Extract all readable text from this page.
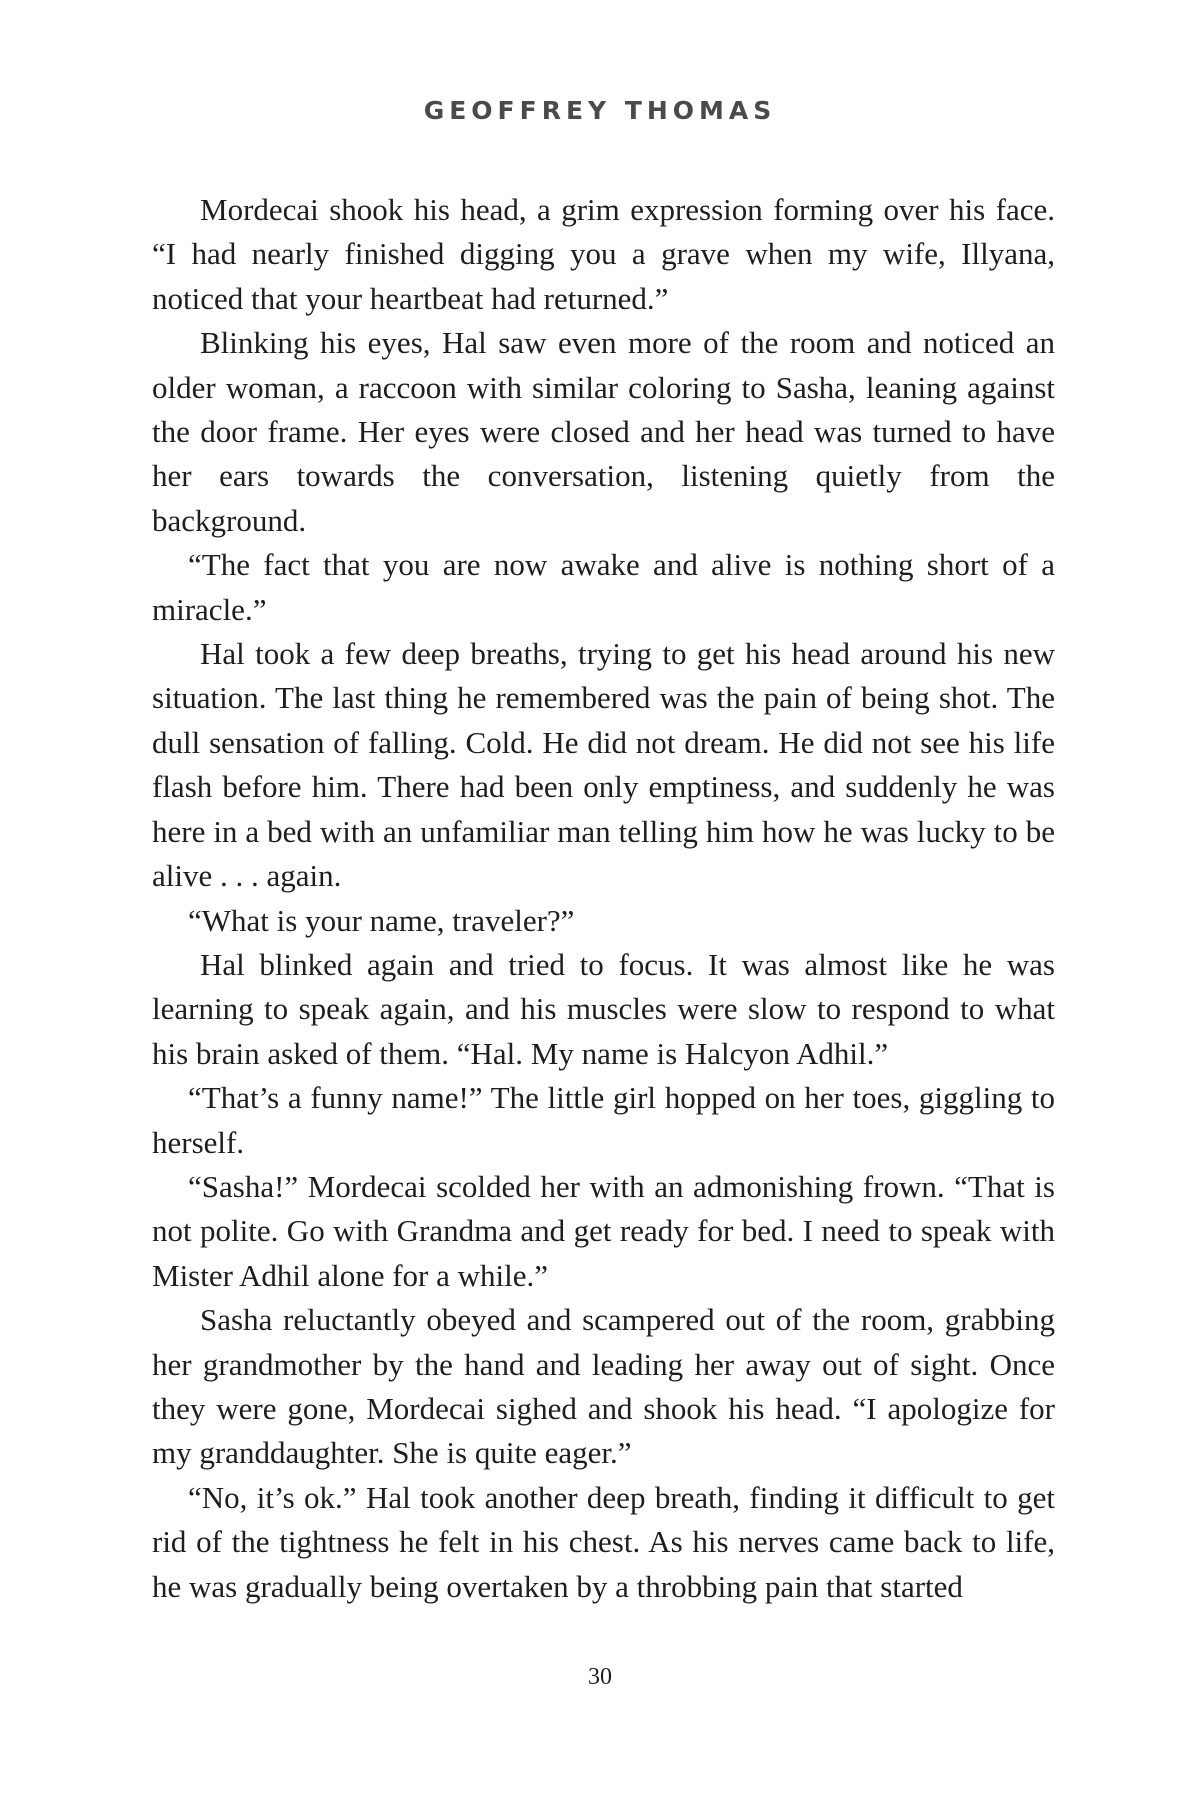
GEOFFREY THOMAS

Mordecai shook his head, a grim expression forming over his face. “I had nearly finished digging you a grave when my wife, Illyana, noticed that your heartbeat had returned.”

Blinking his eyes, Hal saw even more of the room and noticed an older woman, a raccoon with similar coloring to Sasha, leaning against the door frame. Her eyes were closed and her head was turned to have her ears towards the conversation, listening quietly from the background.

“The fact that you are now awake and alive is nothing short of a miracle.”

Hal took a few deep breaths, trying to get his head around his new situation. The last thing he remembered was the pain of being shot. The dull sensation of falling. Cold. He did not dream. He did not see his life flash before him. There had been only emptiness, and suddenly he was here in a bed with an unfamiliar man telling him how he was lucky to be alive . . . again.

“What is your name, traveler?”

Hal blinked again and tried to focus. It was almost like he was learning to speak again, and his muscles were slow to respond to what his brain asked of them. “Hal. My name is Halcyon Adhil.”

“That’s a funny name!” The little girl hopped on her toes, giggling to herself.

“Sasha!” Mordecai scolded her with an admonishing frown. “That is not polite. Go with Grandma and get ready for bed. I need to speak with Mister Adhil alone for a while.”

Sasha reluctantly obeyed and scampered out of the room, grabbing her grandmother by the hand and leading her away out of sight. Once they were gone, Mordecai sighed and shook his head. “I apologize for my granddaughter. She is quite eager.”

“No, it’s ok.” Hal took another deep breath, finding it difficult to get rid of the tightness he felt in his chest. As his nerves came back to life, he was gradually being overtaken by a throbbing pain that started

30
